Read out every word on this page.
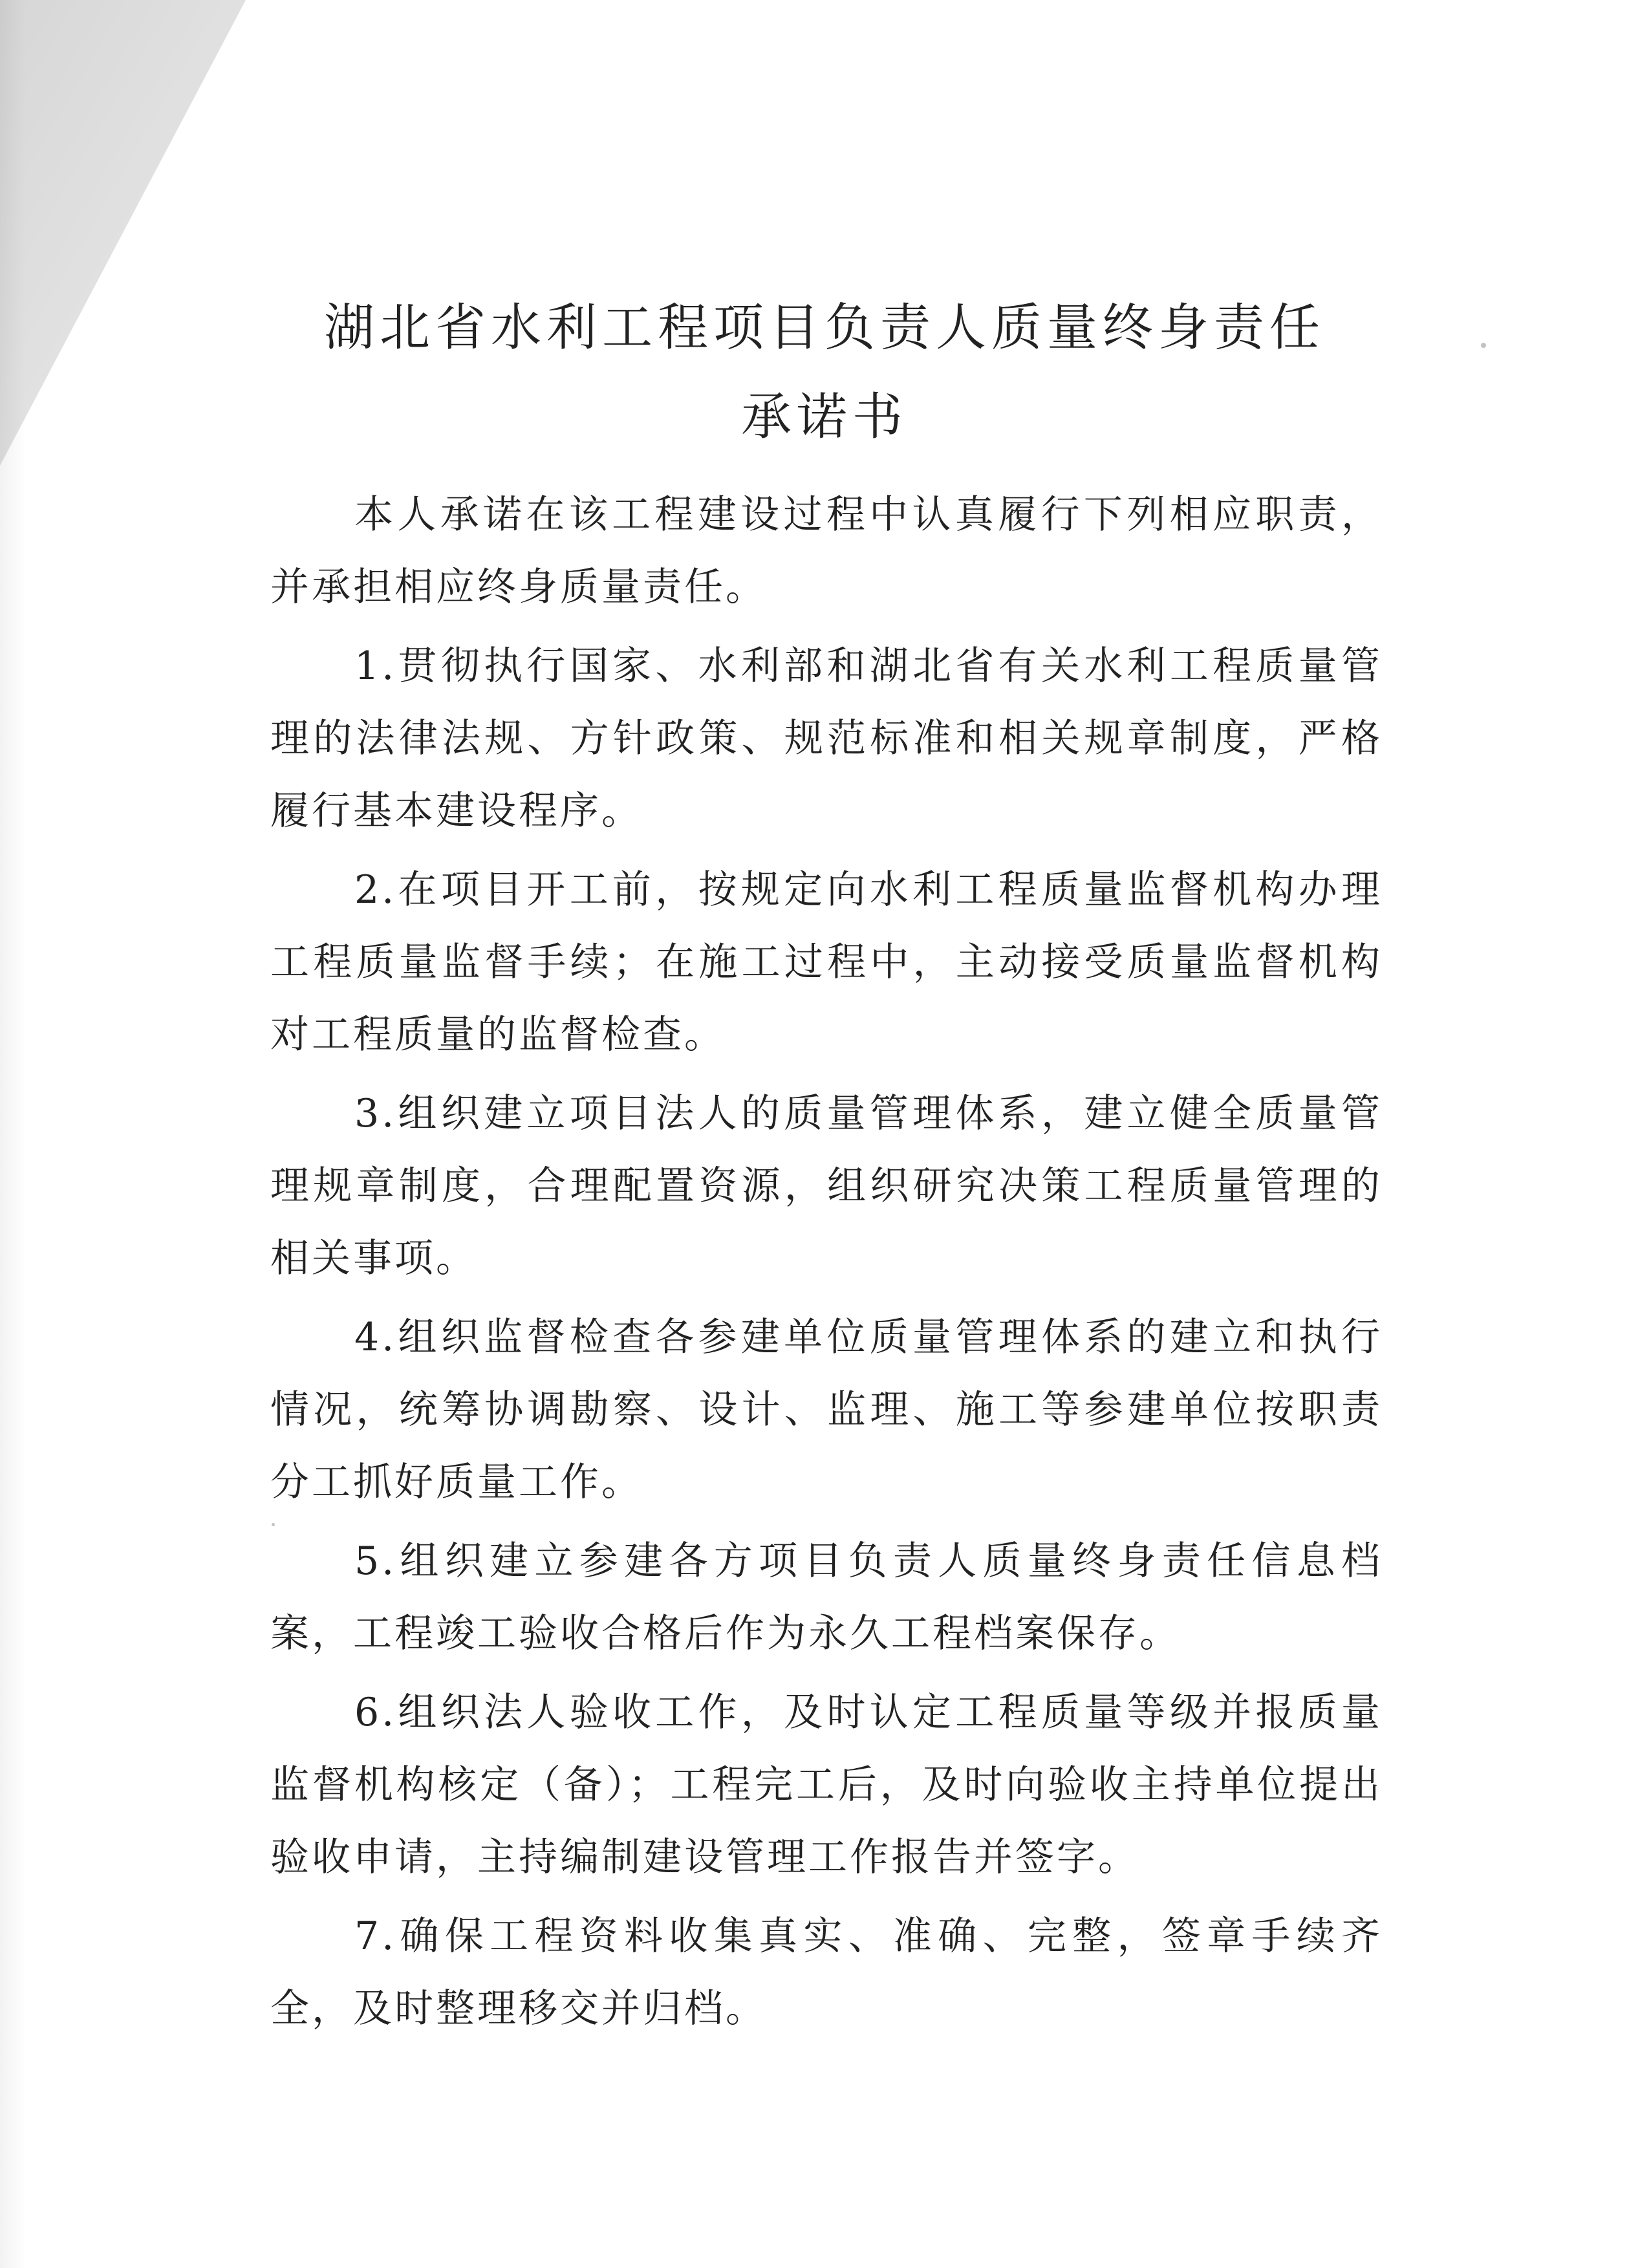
湖北省水利工程项目负责人质量终身责任
承诺书

本人承诺在该工程建设过程中认真履行下列相应职责，并承担相应终身质量责任。

1.贯彻执行国家、水利部和湖北省有关水利工程质量管理的法律法规、方针政策、规范标准和相关规章制度，严格履行基本建设程序。

2.在项目开工前，按规定向水利工程质量监督机构办理工程质量监督手续；在施工过程中，主动接受质量监督机构对工程质量的监督检查。

3.组织建立项目法人的质量管理体系，建立健全质量管理规章制度，合理配置资源，组织研究决策工程质量管理的相关事项。

4.组织监督检查各参建单位质量管理体系的建立和执行情况，统筹协调勘察、设计、监理、施工等参建单位按职责分工抓好质量工作。

5.组织建立参建各方项目负责人质量终身责任信息档案，工程竣工验收合格后作为永久工程档案保存。

6.组织法人验收工作，及时认定工程质量等级并报质量监督机构核定（备）；工程完工后，及时向验收主持单位提出验收申请，主持编制建设管理工作报告并签字。

7.确保工程资料收集真实、准确、完整，签章手续齐全，及时整理移交并归档。
